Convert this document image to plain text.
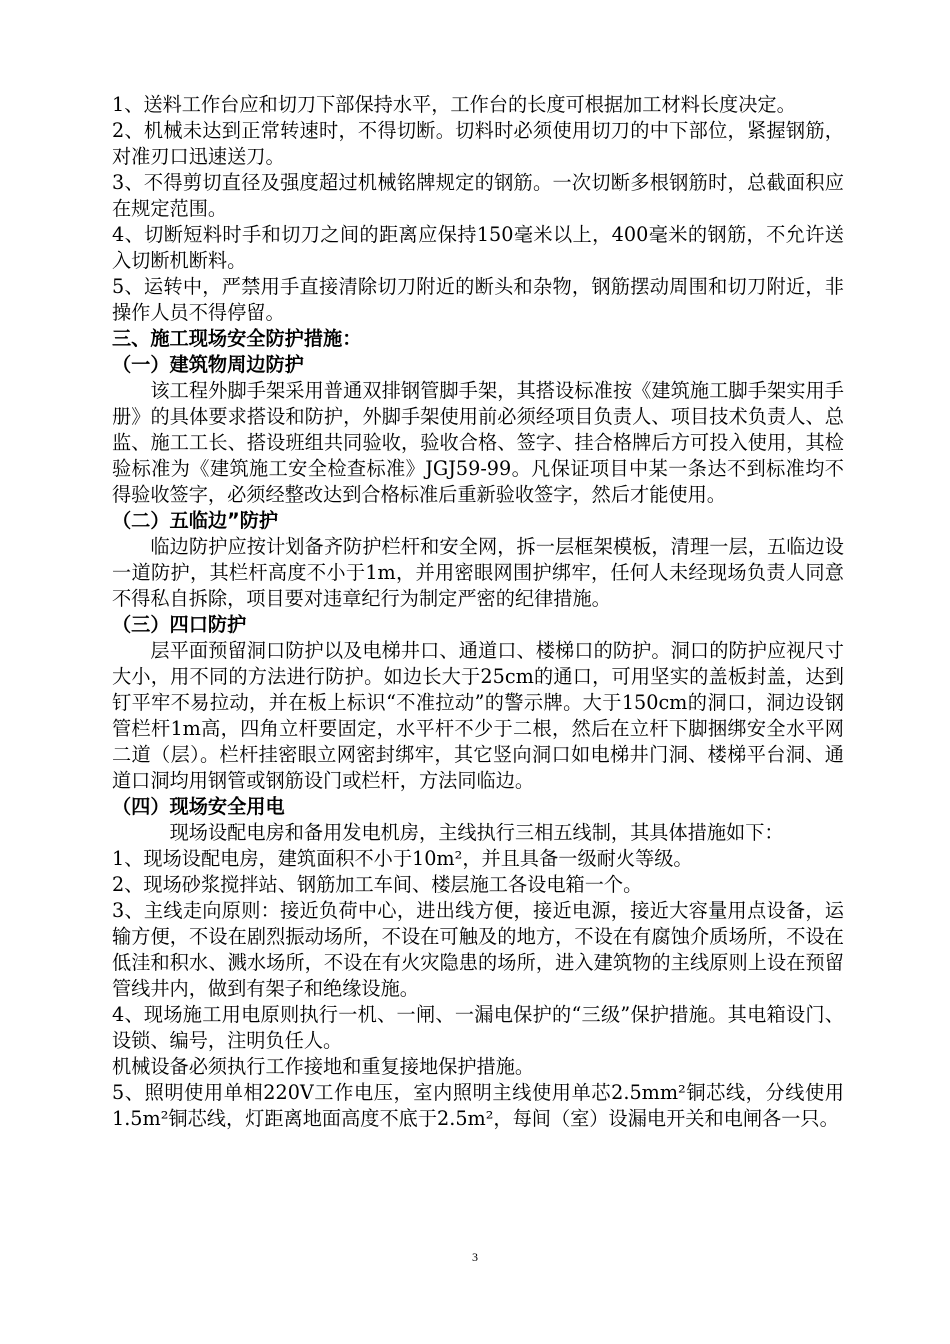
1、送料工作台应和切刀下部保持水平，工作台的长度可根据加工材料长度决定。

2、机械未达到正常转速时，不得切断。切料时必须使用切刀的中下部位，紧握钢筋，对准刃口迅速送刀。

3、不得剪切直径及强度超过机械铭牌规定的钢筋。一次切断多根钢筋时，总截面积应在规定范围。

4、切断短料时手和切刀之间的距离应保持150毫米以上，400毫米的钢筋，不允许送入切断机断料。

5、运转中，严禁用手直接清除切刀附近的断头和杂物，钢筋摆动周围和切刀附近，非操作人员不得停留。

三、施工现场安全防护措施：

（一）建筑物周边防护

该工程外脚手架采用普通双排钢管脚手架，其搭设标准按《建筑施工脚手架实用手册》的具体要求搭设和防护，外脚手架使用前必须经项目负责人、项目技术负责人、总监、施工工长、搭设班组共同验收，验收合格、签字、挂合格牌后方可投入使用，其检验标准为《建筑施工安全检查标准》JGJ59-99。凡保证项目中某一条达不到标准均不得验收签字，必须经整改达到合格标准后重新验收签字，然后才能使用。

（二）五临边”防护

临边防护应按计划备齐防护栏杆和安全网，拆一层框架模板，清理一层，五临边设一道防护，其栏杆高度不小于1m，并用密眼网围护绑牢，任何人未经现场负责人同意不得私自拆除，项目要对违章纪行为制定严密的纪律措施。

（三）四口防护

层平面预留洞口防护以及电梯井口、通道口、楼梯口的防护。洞口的防护应视尺寸大小，用不同的方法进行防护。如边长大于25cm的通口，可用坚实的盖板封盖，达到钉平牢不易拉动，并在板上标识“不准拉动”的警示牌。大于150cm的洞口，洞边设钢管栏杆1m高，四角立杆要固定，水平杆不少于二根，然后在立杆下脚捆绑安全水平网二道（层）。栏杆挂密眼立网密封绑牢，其它竖向洞口如电梯井门洞、楼梯平台洞、通道口洞均用钢管或钢筋设门或栏杆，方法同临边。

（四）现场安全用电

现场设配电房和备用发电机房，主线执行三相五线制，其具体措施如下：

1、现场设配电房，建筑面积不小于10m²，并且具备一级耐火等级。

2、现场砂浆搅拌站、钢筋加工车间、楼层施工各设电箱一个。

3、主线走向原则：接近负荷中心，进出线方便，接近电源，接近大容量用点设备，运输方便，不设在剧烈振动场所，不设在可触及的地方，不设在有腐蚀介质场所，不设在低洼和积水、溅水场所，不设在有火灾隐患的场所，进入建筑物的主线原则上设在预留管线井内，做到有架子和绝缘设施。

4、现场施工用电原则执行一机、一闸、一漏电保护的“三级”保护措施。其电箱设门、设锁、编号，注明负任人。

机械设备必须执行工作接地和重复接地保护措施。

5、照明使用单相220V工作电压，室内照明主线使用单芯2.5mm²铜芯线，分线使用1.5m²铜芯线，灯距离地面高度不底于2.5m²，每间（室）设漏电开关和电闸各一只。

3
